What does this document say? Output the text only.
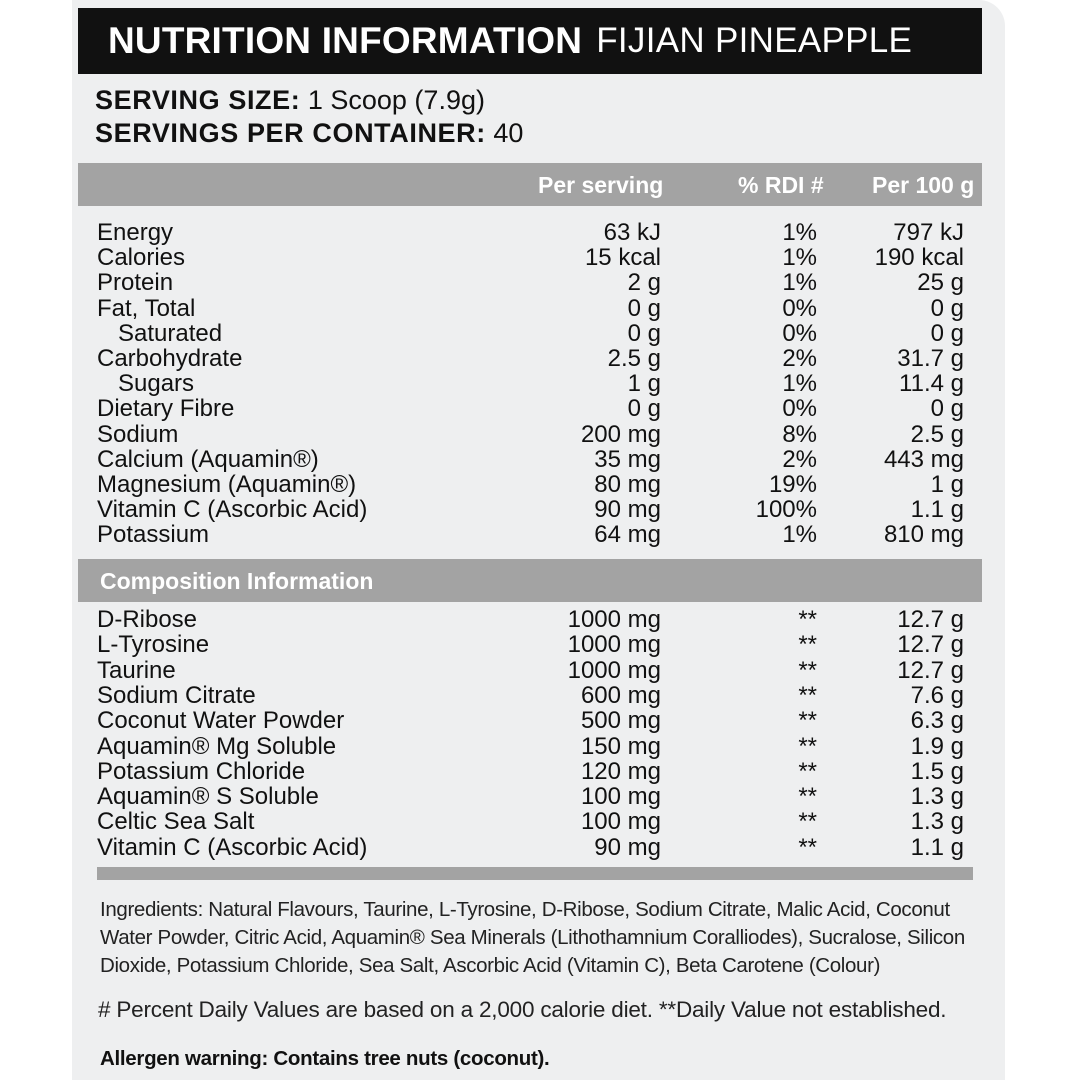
NUTRITION INFORMATION FIJIAN PINEAPPLE
SERVING SIZE: 1 Scoop (7.9g)
SERVINGS PER CONTAINER: 40
Per serving	% RDI # Per 100 g
Energy	63 kJ	1%	797 kJ
Calories	15 kcal	1% 190 kcal
Protein	2 g	1%	25 g
Fat, Total	0 g	0%	0 g
Saturated	0 g	0%	0 g
Carbohydrate	2.5 g	2%	31.7 g
Sugars	1 g	1%	11.4 g
Dietary Fibre	0 g	0%	0 g
Sodium	200 mg	8%	2.5 g
Calcium (Aquamin®)	35 mg	2%	443 mg
Magnesium (Aquamin®)	80 mg	19%	1 g
Vitamin C (Ascorbic Acid)	90 mg	100%	1.1 g
Potassium	64 mg	1%	810 mg
Composition Information
D-Ribose	1000 mg	**	12.7 g
L-Tyrosine	1000 mg	**	12.7 g
Taurine	1000 mg	**	12.7 g
Sodium Citrate	600 mg	**	7.6 g
Coconut Water Powder	500 mg	**	6.3 g
Aquamin® Mg Soluble	150 mg	**	1.9 g
Potassium Chloride	120 mg	**	1.5 g
Aquamin® S Soluble	100 mg	**	1.3 g
Celtic Sea Salt	100 mg	**	1.3 g
Vitamin C (Ascorbic Acid)	90 mg	**	1.1 g
Ingredients: Natural Flavours, Taurine, L-Tyrosine, D-Ribose, Sodium Citrate, Malic Acid, Coconut Water Powder, Citric Acid, Aquamin® Sea Minerals (Lithothamnium Coralliodes), Sucralose, Silicon Dioxide, Potassium Chloride, Sea Salt, Ascorbic Acid (Vitamin C), Beta Carotene (Colour)
# Percent Daily Values are based on a 2,000 calorie diet. **Daily Value not established.
Allergen warning: Contains tree nuts (coconut).
